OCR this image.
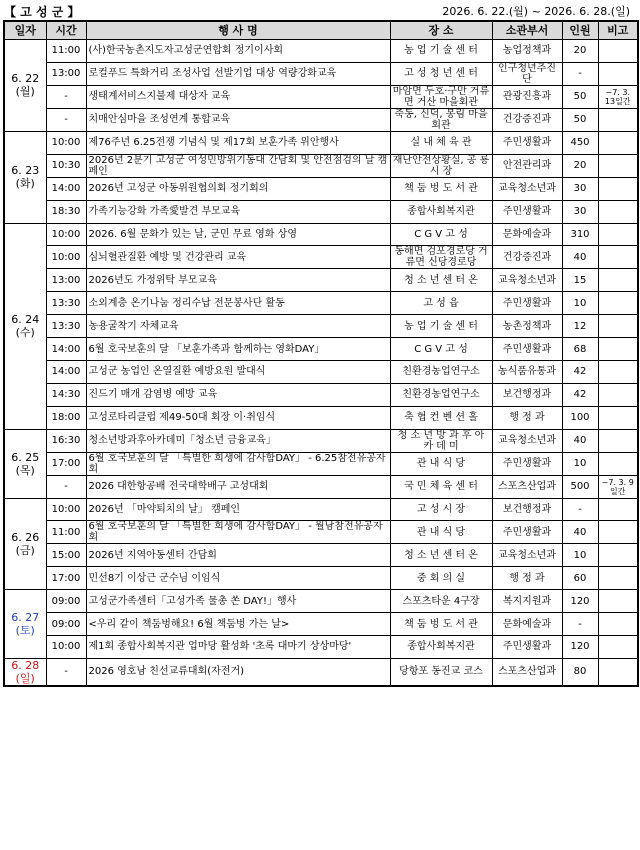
【 고 성 군 】	2026. 6. 22.(월) ~ 2026. 6. 28.(일)
일자	시간	행 사 명	장 소	소관부서	인원	비고
6. 22
(월)	11:00	(사)한국농촌지도자고성군연합회 정기이사회	농 업 기 술 센 터	농업정책과	20	
	13:00	로컬푸드 특화거리 조성사업 선발기업 대상 역량강화교육	고 성 청 년 센 터	인구청년추진단	-	
	-	생태계서비스지불제 대상자 교육	마암면 두호·구만 거류면 거산 마을회관	관광진흥과	50	~7. 3. 13일간
	-	치매안심마을 조성연계 통합교육	죽동, 신덕, 봉림 마을회관	건강증진과	50	
6. 23
(화)	10:00	제76주년 6.25전쟁 기념식 및 제17회 보훈가족 위안행사	실 내 체 육 관	주민생활과	450	
	10:30	2026년 2분기 고성군 여성민방위기동대 간담회 및 안전점검의 날 캠페인	재난안전상황실, 공 룡 시 장	안전관리과	20	
	14:00	2026년 고성군 아동위원협의회 정기회의	책 둠 벙 도 서 관	교육청소년과	30	
	18:30	가족기능강화 가족愛발견 부모교육	종합사회복지관	주민생활과	30	
6. 24
(수)	10:00	2026. 6월 문화가 있는 날, 군민 무료 영화 상영	C G V 고 성	문화예술과	310	
	10:00	심뇌혈관질환 예방 및 건강관리 교육	동해면 검포경로당 거류면 신당경로당	건강증진과	40	
	13:00	2026년도 가정위탁 부모교육	청 소 년 센 터 온	교육청소년과	15	
	13:30	소외계층 온기나눔 정리수납 전문봉사단 활동	고 성 읍	주민생활과	10	
	13:30	농용굴착기 자체교육	농 업 기 술 센 터	농촌정책과	12	
	14:00	6월 호국보훈의 달 「보훈가족과 함께하는 영화DAY」	C G V 고 성	주민생활과	68	
	14:00	고성군 농업인 온열질환 예방요원 발대식	친환경농업연구소	농식품유통과	42	
	14:30	진드기 매개 감염병 예방 교육	친환경농업연구소	보건행정과	42	
	18:00	고성로타리클럽 제49-50대 회장 이·취임식	축 협 컨 벤 션 홀	행 정 과	100	
6. 25
(목)	16:30	청소년방과후아카데미「청소년 금융교육」	청 소 년 방 과 후 아 카 데 미	교육청소년과	40	
	17:00	6월 호국보훈의 달 「특별한 희생에 감사함DAY」 - 6.25참전유공자회	관 내 식 당	주민생활과	10	
	-	2026 대한항공배 전국대학배구 고성대회	국 민 체 육 센 터	스포츠산업과	500	~7. 3. 9일간
6. 26
(금)	10:00	2026년 「마약퇴치의 날」 캠페인	고 성 시 장	보건행정과	-	
	11:00	6월 호국보훈의 달 「특별한 희생에 감사함DAY」 - 월남참전유공자회	관 내 식 당	주민생활과	40	
	15:00	2026년 지역아동센터 간담회	청 소 년 센 터 온	교육청소년과	10	
	17:00	민선8기 이상근 군수님 이임식	중 회 의 실	행 정 과	60	
6. 27
(토)	09:00	고성군가족센터「고성가족 물총 쏜 DAY!」행사	스포츠타운 4구장	복지지원과	120	
	09:00	<우리 같이 책둠벙해요! 6월 책둠벙 가는 날>	책 둠 벙 도 서 관	문화예술과	-	
	10:00	제1회 종합사회복지관 업마당 활성화 '초록 대마기 상상마당'	종합사회복지관	주민생활과	120	
6. 28
(일)	-	2026 영호남 친선교류대회(자전거)	당항포 동진교 코스	스포츠산업과	80	
